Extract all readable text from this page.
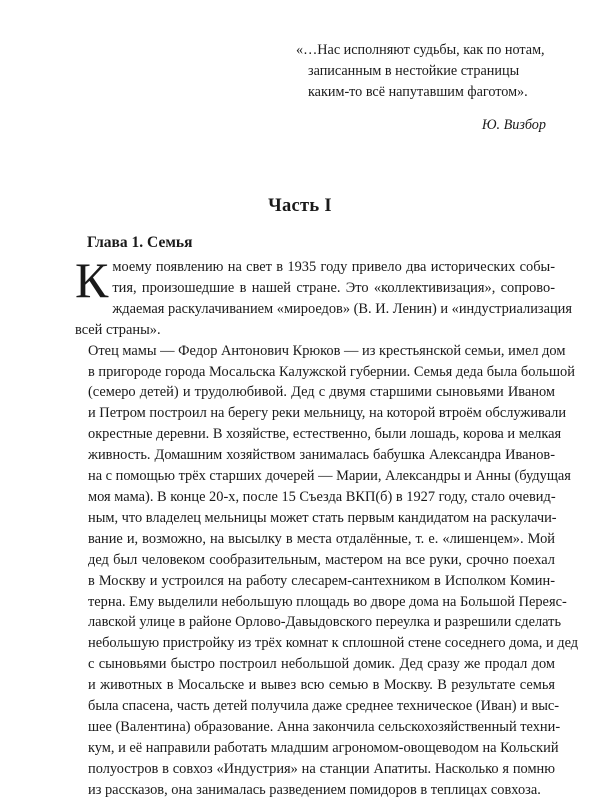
«…Нас исполняют судьбы, как по нотам,
записанным в нестойкие страницы
каким-то всё напутавшим фаготом».
Ю. Визбор
Часть I
Глава 1. Семья
К моему появлению на свет в 1935 году привело два исторических собы-
тия, произошедшие в нашей стране. Это «коллективизация», сопрово-
ждаемая раскулачиванием «мироедов» (В. И. Ленин) и «индустриализация
всей страны».
Отец мамы — Федор Антонович Крюков — из крестьянской семьи, имел дом
в пригороде города Мосальска Калужской губернии. Семья деда была большой
(семеро детей) и трудолюбивой. Дед с двумя старшими сыновьями Иваном
и Петром построил на берегу реки мельницу, на которой втроём обслуживали
окрестные деревни. В хозяйстве, естественно, были лошадь, корова и мелкая
живность. Домашним хозяйством занималась бабушка Александра Иванов-
на с помощью трёх старших дочерей — Марии, Александры и Анны (будущая
моя мама). В конце 20-х, после 15 Съезда ВКП(б) в 1927 году, стало очевид-
ным, что владелец мельницы может стать первым кандидатом на раскулачи-
вание и, возможно, на высылку в места отдалённые, т. е. «лишенцем». Мой
дед был человеком сообразительным, мастером на все руки, срочно поехал
в Москву и устроился на работу слесарем-сантехником в Исполком Комин-
терна. Ему выделили небольшую площадь во дворе дома на Большой Переяс-
лавской улице в районе Орлово-Давыдовского переулка и разрешили сделать
небольшую пристройку из трёх комнат к сплошной стене соседнего дома, и дед
с сыновьями быстро построил небольшой домик. Дед сразу же продал дом
и животных в Мосальске и вывез всю семью в Москву. В результате семья
была спасена, часть детей получила даже среднее техническое (Иван) и выс-
шее (Валентина) образование. Анна закончила сельскохозяйственный техни-
кум, и её направили работать младшим агрономом-овощеводом на Кольский
полуостров в совхоз «Индустрия» на станции Апатиты. Насколько я помню
из рассказов, она занималась разведением помидоров в теплицах совхоза.
